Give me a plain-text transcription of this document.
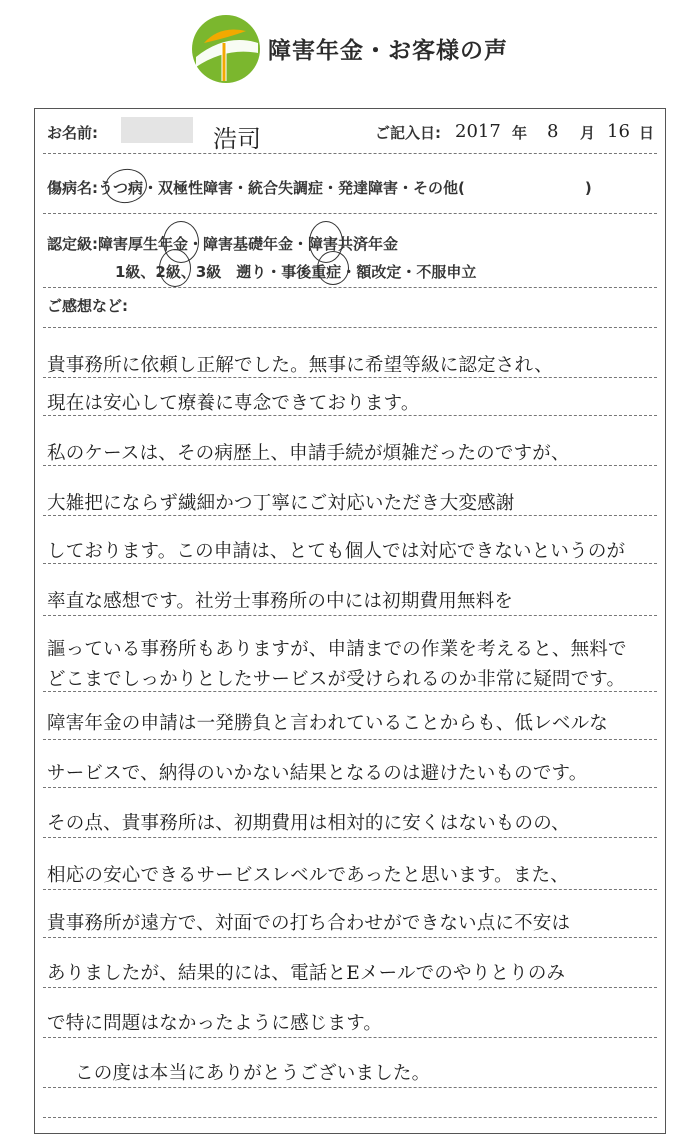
障害年金・お客様の声
お名前:	浩司	ご記入日: 2017 年 8 月 16 日
傷病名:うつ病・双極性障害・統合失調症・発達障害・その他(　　　　　　　　)
認定級:障害厚生年金・障害基礎年金・障害共済年金
1級、2級、3級　遡り・事後重症・額改定・不服申立
ご感想など:
貴事務所に依頼し正解でした。無事に希望等級に認定され、
現在は安心して療養に専念できております。
私のケースは、その病歴上、申請手続が煩雑だったのですが、
大雑把にならず繊細かつ丁寧にご対応いただき大変感謝
しております。この申請は、とても個人では対応できないというのが
率直な感想です。社労士事務所の中には初期費用無料を
謳っている事務所もありますが、申請までの作業を考えると、無料で
どこまでしっかりとしたサービスが受けられるのか非常に疑問です。
障害年金の申請は一発勝負と言われていることからも、低レベルな
サービスで、納得のいかない結果となるのは避けたいものです。
その点、貴事務所は、初期費用は相対的に安くはないものの、
相応の安心できるサービスレベルであったと思います。また、
貴事務所が遠方で、対面での打ち合わせができない点に不安は
ありましたが、結果的には、電話とEメールでのやりとりのみ
で特に問題はなかったように感じます。
この度は本当にありがとうございました。
